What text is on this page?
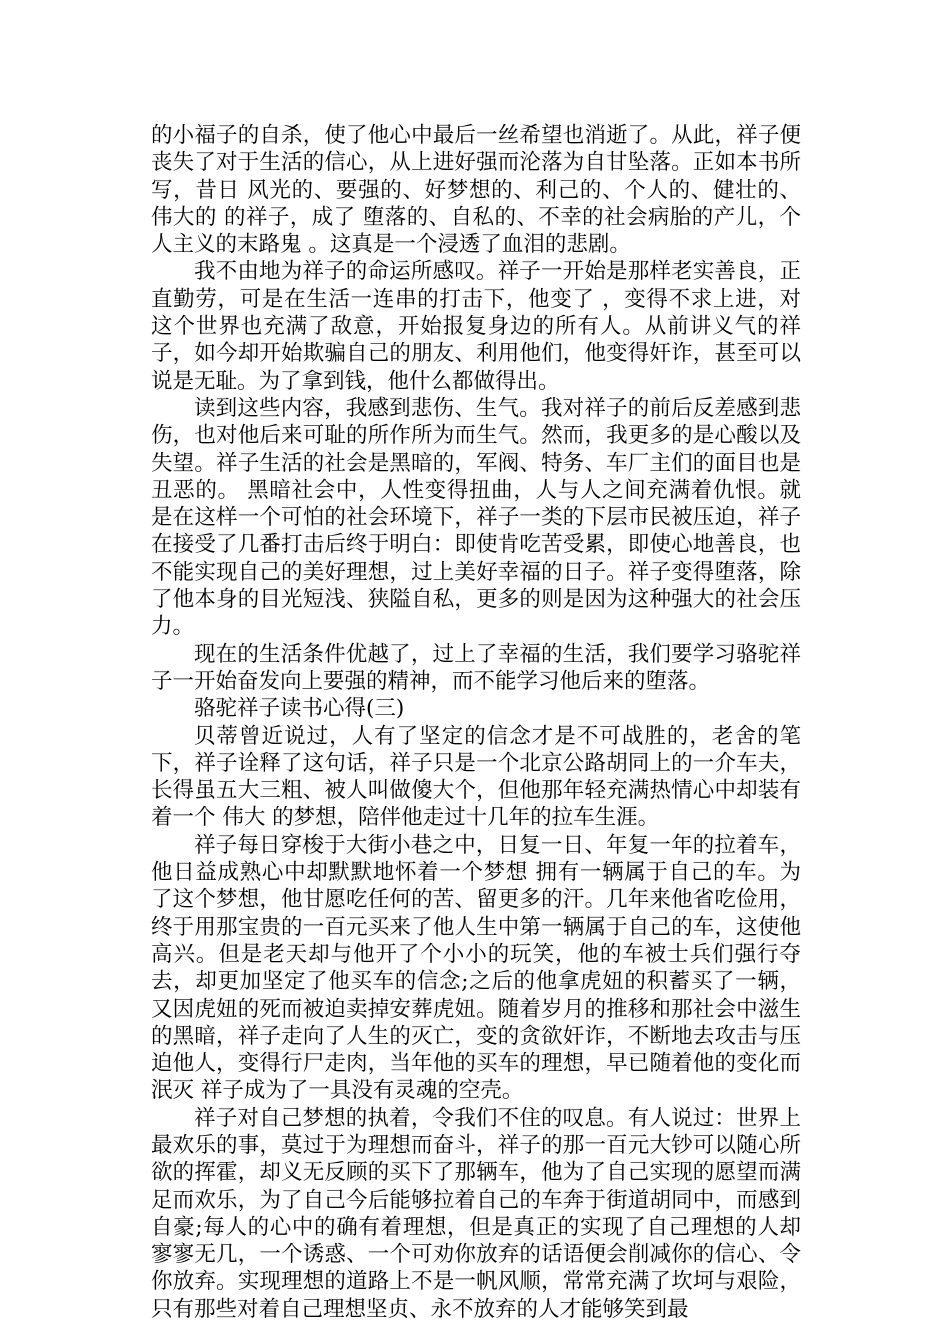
的小福子的自杀，使了他心中最后一丝希望也消逝了。从此，祥子便丧失了对于生活的信心，从上进好强而沦落为自甘坠落。正如本书所写，昔日 风光的、要强的、好梦想的、利己的、个人的、健壮的、伟大的 的祥子，成了 堕落的、自私的、不幸的社会病胎的产儿，个人主义的末路鬼 。这真是一个浸透了血泪的悲剧。

我不由地为祥子的命运所感叹。祥子一开始是那样老实善良，正直勤劳，可是在生活一连串的打击下，他变了 ，变得不求上进，对这个世界也充满了敌意，开始报复身边的所有人。从前讲义气的祥子，如今却开始欺骗自己的朋友、利用他们，他变得奸诈，甚至可以说是无耻。为了拿到钱，他什么都做得出。

读到这些内容，我感到悲伤、生气。我对祥子的前后反差感到悲伤，也对他后来可耻的所作所为而生气。然而，我更多的是心酸以及失望。祥子生活的社会是黑暗的，军阀、特务、车厂主们的面目也是丑恶的。 黑暗社会中，人性变得扭曲，人与人之间充满着仇恨。就是在这样一个可怕的社会环境下，祥子一类的下层市民被压迫，祥子在接受了几番打击后终于明白：即使肯吃苦受累，即使心地善良，也不能实现自己的美好理想，过上美好幸福的日子。祥子变得堕落，除了他本身的目光短浅、狭隘自私，更多的则是因为这种强大的社会压力。

现在的生活条件优越了，过上了幸福的生活，我们要学习骆驼祥子一开始奋发向上要强的精神，而不能学习他后来的堕落。

骆驼祥子读书心得(三)

贝蒂曾近说过，人有了坚定的信念才是不可战胜的，老舍的笔下，祥子诠释了这句话，祥子只是一个北京公路胡同上的一介车夫，长得虽五大三粗、被人叫做傻大个，但他那年轻充满热情心中却装有着一个 伟大 的梦想，陪伴他走过十几年的拉车生涯。

祥子每日穿梭于大街小巷之中，日复一日、年复一年的拉着车，他日益成熟心中却默默地怀着一个梦想 拥有一辆属于自己的车。为了这个梦想，他甘愿吃任何的苦、留更多的汗。几年来他省吃俭用，终于用那宝贵的一百元买来了他人生中第一辆属于自己的车，这使他高兴。但是老天却与他开了个小小的玩笑，他的车被士兵们强行夺去，却更加坚定了他买车的信念;之后的他拿虎妞的积蓄买了一辆，又因虎妞的死而被迫卖掉安葬虎妞。随着岁月的推移和那社会中滋生的黑暗，祥子走向了人生的灭亡，变的贪欲奸诈，不断地去攻击与压迫他人，变得行尸走肉，当年他的买车的理想，早已随着他的变化而泯灭 祥子成为了一具没有灵魂的空壳。

祥子对自己梦想的执着，令我们不住的叹息。有人说过：世界上最欢乐的事，莫过于为理想而奋斗，祥子的那一百元大钞可以随心所欲的挥霍，却义无反顾的买下了那辆车，他为了自己实现的愿望而满足而欢乐，为了自己今后能够拉着自己的车奔于街道胡同中，而感到自豪;每人的心中的确有着理想，但是真正的实现了自己理想的人却寥寥无几，一个诱惑、一个可劝你放弃的话语便会削减你的信心、令你放弃。实现理想的道路上不是一帆风顺，常常充满了坎坷与艰险，只有那些对着自己理想坚贞、永不放弃的人才能够笑到最
